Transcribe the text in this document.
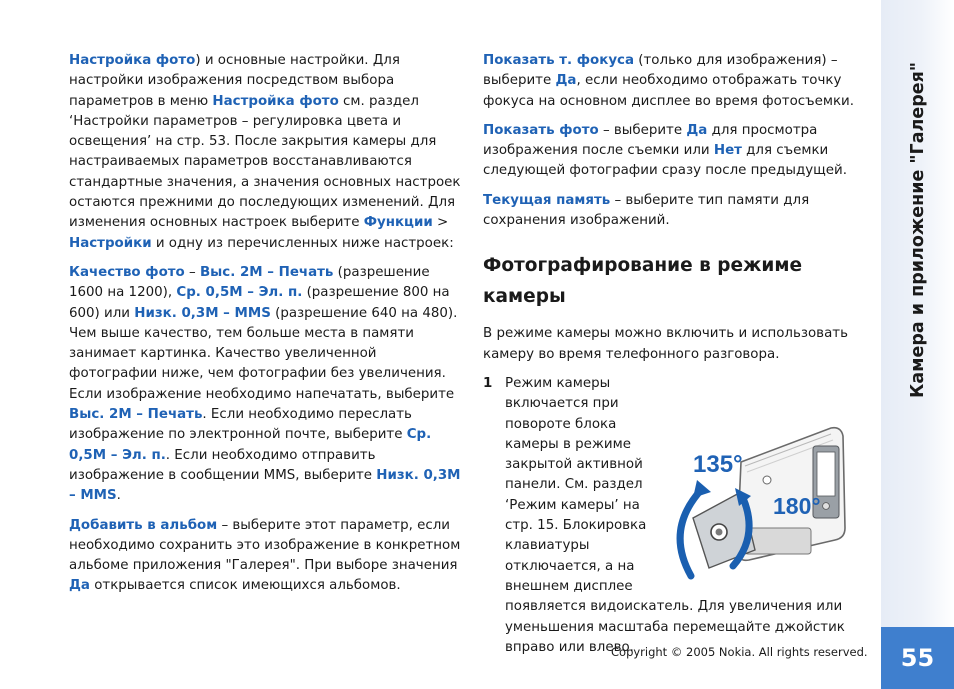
Настройка фото) и основные настройки. Для настройки изображения посредством выбора параметров в меню Настройка фото см. раздел ‘Настройки параметров – регулировка цвета и освещения’ на стр. 53. После закрытия камеры для настраиваемых параметров восстанавливаются стандартные значения, а значения основных настроек остаются прежними до последующих изменений. Для изменения основных настроек выберите Функции > Настройки и одну из перечисленных ниже настроек:

Качество фото – Выс. 2M – Печать (разрешение 1600 на 1200), Ср. 0,5M – Эл. п. (разрешение 800 на 600) или Низк. 0,3M – MMS (разрешение 640 на 480). Чем выше качество, тем больше места в памяти занимает картинка. Качество увеличенной фотографии ниже, чем фотографии без увеличения. Если изображение необходимо напечатать, выберите Выс. 2M – Печать. Если необходимо переслать изображение по электронной почте, выберите Ср. 0,5M – Эл. п.. Если необходимо отправить изображение в сообщении MMS, выберите Низк. 0,3M – MMS.

Добавить в альбом – выберите этот параметр, если необходимо сохранить это изображение в конкретном альбоме приложения "Галерея". При выборе значения Да открывается список имеющихся альбомов.

Показать т. фокуса (только для изображения) – выберите Да, если необходимо отображать точку фокуса на основном дисплее во время фотосъемки.

Показать фото – выберите Да для просмотра изображения после съемки или Нет для съемки следующей фотографии сразу после предыдущей.

Текущая память – выберите тип памяти для сохранения изображений.

Фотографирование в режиме камеры

В режиме камеры можно включить и использовать камеру во время телефонного разговора.

1
135°
180°

Режим камеры включается при повороте блока камеры в режиме закрытой активной панели. См. раздел ‘Режим камеры’ на стр. 15. Блокировка клавиатуры отключается, а на внешнем дисплее появляется видоискатель. Для увеличения или уменьшения масштаба перемещайте джойстик вправо или влево.

Камера и приложение "Галерея"
55
Copyright © 2005 Nokia. All rights reserved.
